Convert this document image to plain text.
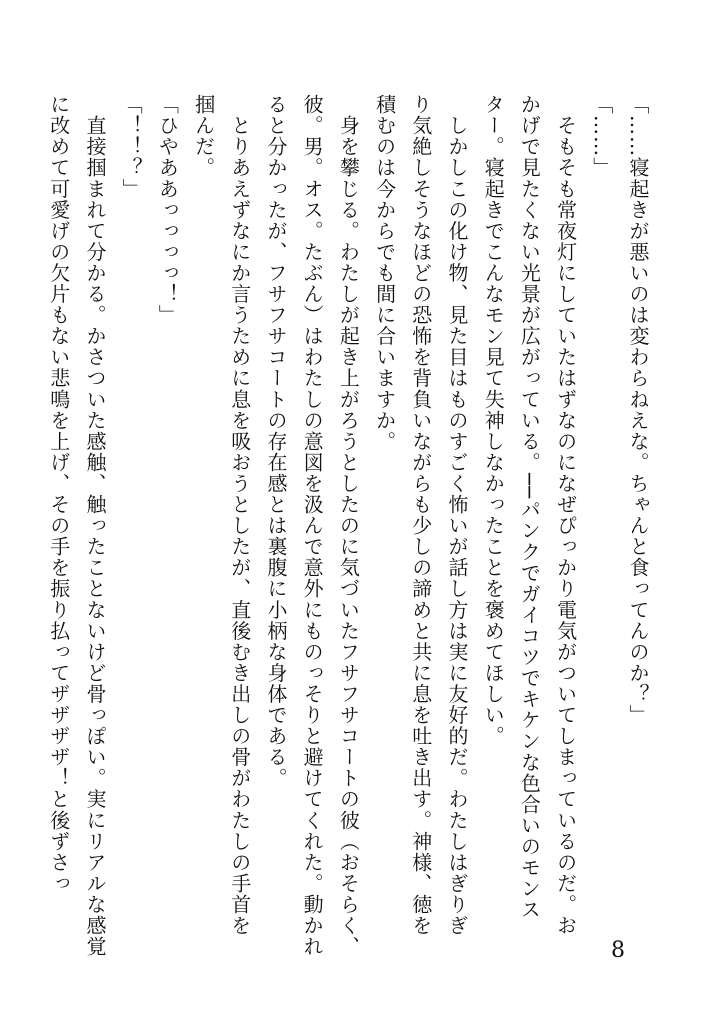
「……寝起きが悪いのは変わらねえな。ちゃんと食ってんのか？」
「……」
　そもそも常夜灯にしていたはずなのになぜぴっかり電気がついてしまっているのだ。お
かげで見たくない光景が広がっている。──パンクでガイコツでキケンな色合いのモンス
ター。寝起きでこんなモン見て失神しなかったことを褒めてほしい。
　しかしこの化け物、見た目はものすごく怖いが話し方は実に友好的だ。わたしはぎりぎ
り気絶しそうなほどの恐怖を背負いながらも少しの諦めと共に息を吐き出す。神様、徳を
積むのは今からでも間に合いますか。
　身を攀じる。わたしが起き上がろうとしたのに気づいたフサフサコートの彼（おそらく、
彼。男。オス。たぶん）はわたしの意図を汲んで意外にものっそりと避けてくれた。動かれ
ると分かったが、フサフサコートの存在感とは裏腹に小柄な身体である。
　とりあえずなにか言うために息を吸おうとしたが、直後むき出しの骨がわたしの手首を
掴んだ。
「ひやああっっっっ！」
「！！？」
　直接掴まれて分かる。かさついた感触、触ったことないけど骨っぽい。実にリアルな感覚
に改めて可愛げの欠片もない悲鳴を上げ、その手を振り払ってザザザザ！と後ずさっ
8
